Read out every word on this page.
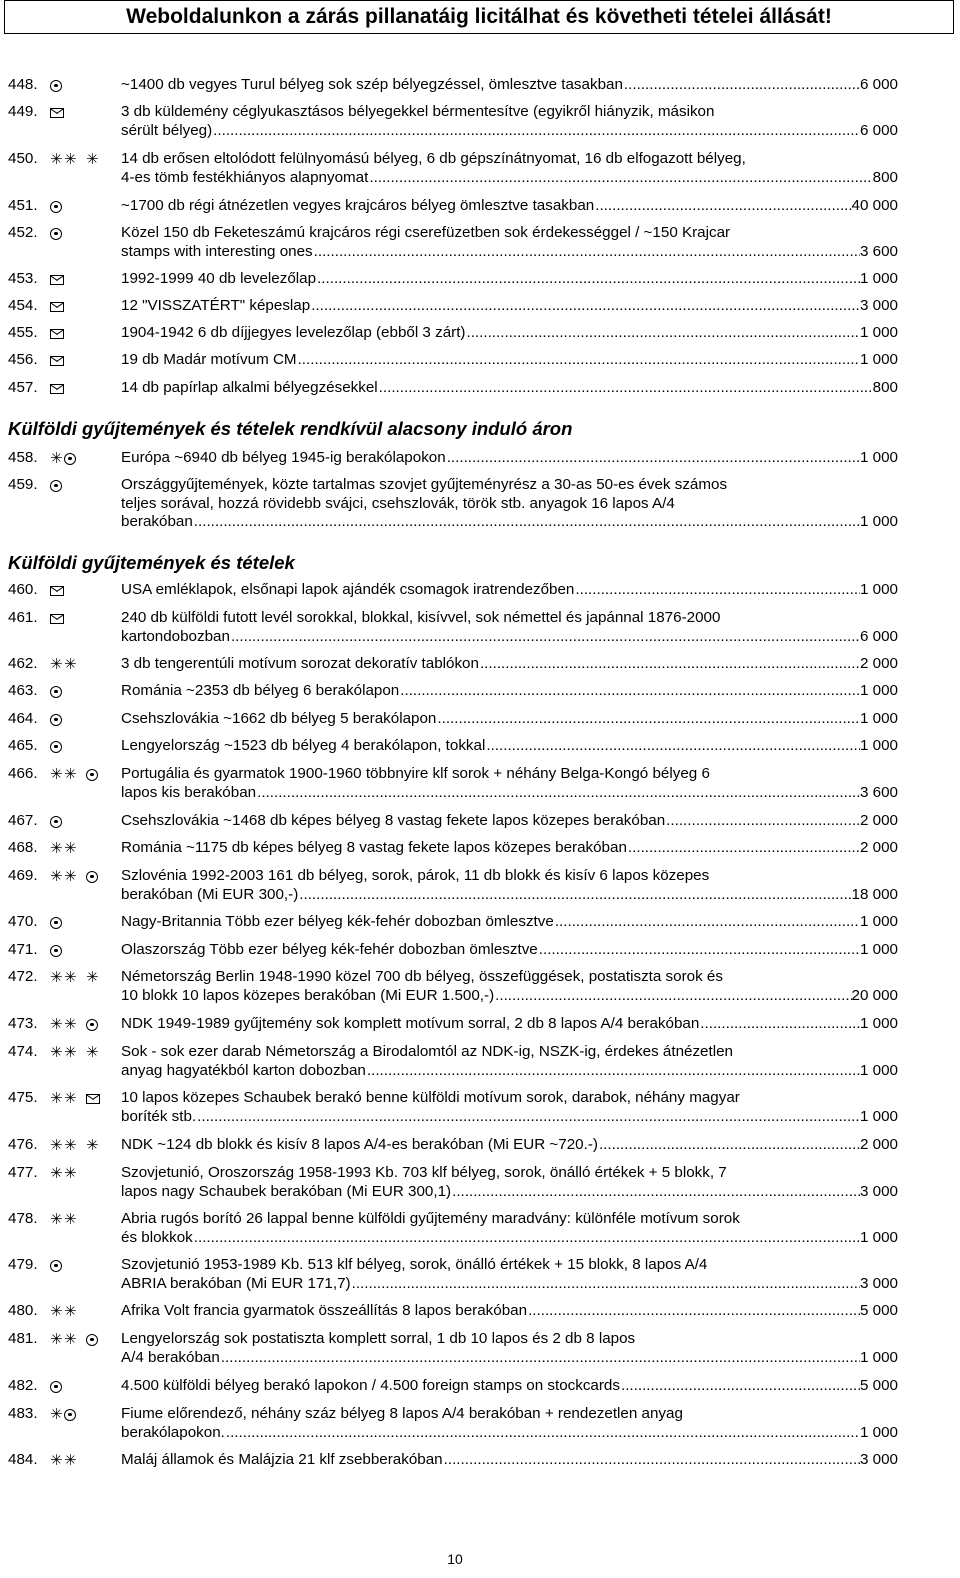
Weboldalunkon a zárás pillanatáig licitálhat és követheti tételei állását!
448.	~1400 db vegyes Turul bélyeg sok szép bélyegzéssel, ömlesztve tasakban .....	6 000
449.	3 db küldemény céglyukasztásos bélyegekkel bérmentesítve (egyikről hiányzik, másikon
sérült bélyeg) .....	6 000
450. ✳ ✳ ✳ 14 db erősen eltolódott felülnyomású bélyeg, 6 db gépszínátnyomat, 16 db elfogazott bélyeg,
4-es tömb festékhiányos alapnyomat .....	800
451.	~1700 db régi átnézetlen vegyes krajcáros bélyeg ömlesztve tasakban .....	40 000
452.	Közel 150 db Feketeszámú krajcáros régi cserefüzetben sok érdekességgel / ~150 Krajcar
stamps with interesting ones .....	3 600
453.	1992-1999 40 db levelezőlap .....	1 000
454.	12 "VISSZATÉRT" képeslap .....	3 000
455.	1904-1942 6 db díjjegyes levelezőlap (ebből 3 zárt) .....	1 000
456.	19 db Madár motívum CM .....	1 000
457.	14 db papírlap alkalmi bélyegzésekkel .....	800
458. ✳	Európa ~6940 db bélyeg 1945-ig berakólapokon .....	1 000
459.	Országgyűjtemények, közte tartalmas szovjet gyűjteményrész a 30-as 50-es évek számos
teljes sorával, hozzá rövidebb svájci, csehszlovák, török stb. anyagok 16 lapos A/4
berakóban .....	1 000
460.	USA emléklapok, elsőnapi lapok ajándék csomagok iratrendezőben .....	1 000
461.	240 db külföldi futott levél sorokkal, blokkal, kisívvel, sok némettel és japánnal 1876-2000
kartondobozban .....	6 000
462. ✳ ✳	3 db tengerentúli motívum sorozat dekoratív tablókon .....	2 000
463.	Románia ~2353 db bélyeg 6 berakólapon .....	1 000
464.	Csehszlovákia ~1662 db bélyeg 5 berakólapon .....	1 000
465.	Lengyelország ~1523 db bélyeg 4 berakólapon, tokkal .....	1 000
466. ✳ ✳	Portugália és gyarmatok 1900-1960 többnyire klf sorok + néhány Belga-Kongó bélyeg 6
lapos kis berakóban .....	3 600
467.	Csehszlovákia ~1468 db képes bélyeg 8 vastag fekete lapos közepes berakóban .....	2 000
468. ✳ ✳	Románia ~1175 db képes bélyeg 8 vastag fekete lapos közepes berakóban .....	2 000
469. ✳ ✳	Szlovénia 1992-2003 161 db bélyeg, sorok, párok, 11 db blokk és kisív 6 lapos közepes
berakóban (Mi EUR 300,-) .....	18 000
470.	Nagy-Britannia Több ezer bélyeg kék-fehér dobozban ömlesztve .....	1 000
471.	Olaszország Több ezer bélyeg kék-fehér dobozban ömlesztve .....	1 000
472. ✳ ✳ ✳ Németország Berlin 1948-1990 közel 700 db bélyeg, összefüggések, postatiszta sorok és
10 blokk 10 lapos közepes berakóban (Mi EUR 1.500,-) .....	20 000
473. ✳ ✳	NDK 1949-1989 gyűjtemény sok komplett motívum sorral, 2 db 8 lapos A/4 berakóban .....	1 000
474. ✳ ✳ ✳ Sok - sok ezer darab Németország a Birodalomtól az NDK-ig, NSZK-ig, érdekes átnézetlen
anyag hagyatékból karton dobozban .....	1 000
475. ✳ ✳	10 lapos közepes Schaubek berakó benne külföldi motívum sorok, darabok, néhány magyar
boríték stb. .....	1 000
476. ✳ ✳ ✳ NDK ~124 db blokk és kisív 8 lapos A/4-es berakóban (Mi EUR ~720.-) .....	2 000
477. ✳ ✳	Szovjetunió, Oroszország 1958-1993 Kb. 703 klf bélyeg, sorok, önálló értékek + 5 blokk, 7
lapos nagy Schaubek berakóban (Mi EUR 300,1) .....	3 000
478. ✳ ✳	Abria rugós borító 26 lappal benne külföldi gyűjtemény maradvány: különféle motívum sorok
és blokkok .....	1 000
479.	Szovjetunió 1953-1989 Kb. 513 klf bélyeg, sorok, önálló értékek + 15 blokk, 8 lapos A/4
ABRIA berakóban (Mi EUR 171,7) .....	3 000
480. ✳ ✳	Afrika Volt francia gyarmatok összeállítás 8 lapos berakóban .....	5 000
481. ✳ ✳	Lengyelország sok postatiszta komplett sorral, 1 db 10 lapos és 2 db 8 lapos
A/4 berakóban .....	1 000
482.	4.500 külföldi bélyeg berakó lapokon / 4.500 foreign stamps on stockcards .....	5 000
483. ✳	Fiume előrendező, néhány száz bélyeg 8 lapos A/4 berakóban + rendezetlen anyag
berakólapokon. .....	1 000
484. ✳ ✳	Maláj államok és Malájzia 21 klf zsebberakóban .....	3 000
Külföldi gyűjtemények és tételek rendkívül alacsony induló áron
Külföldi gyűjtemények és tételek
10
